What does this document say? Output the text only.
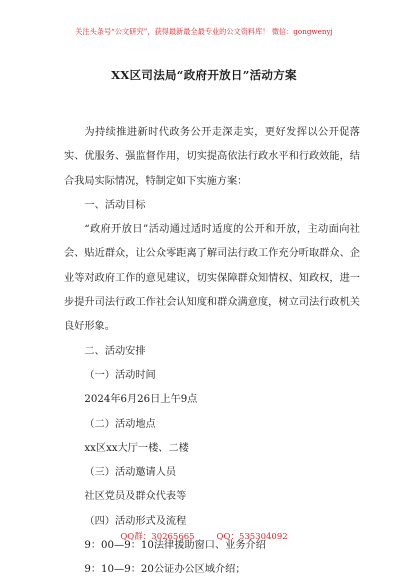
关注头条号“公文研究”，获得最新最全最专业的公文资料库！ 微信：gongwenyj
XX区司法局“政府开放日”活动方案

为持续推进新时代政务公开走深走实，更好发挥以公开促落实、优服务、强监督作用，切实提高依法行政水平和行政效能，结合我局实际情况，特制定如下实施方案：

一、活动目标

“政府开放日”活动通过适时适度的公开和开放，主动面向社会、贴近群众，让公众零距离了解司法行政工作充分听取群众、企业等对政府工作的意见建议，切实保障群众知情权、知政权，进一步提升司法行政工作社会认知度和群众满意度，树立司法行政机关良好形象。

二、活动安排

（一）活动时间

2024年6月26日上午9点

（二）活动地点

xx区xx大厅一楼、二楼

（三）活动邀请人员

社区党员及群众代表等

（四）活动形式及流程

9：00—9：10法律援助窗口、业务介绍

9：10—9：20公证办公区域介绍；

QQ群：30265665	QQ：535304092
